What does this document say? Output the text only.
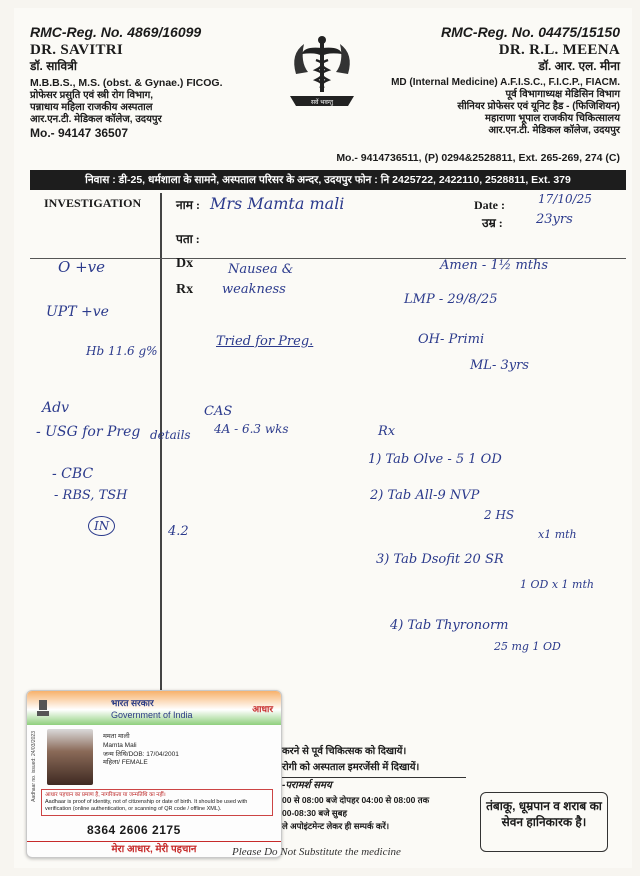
RMC-Reg. No. 4869/16099
DR. SAVITRI
डॉ. सावित्री
M.B.B.S., M.S. (obst. & Gynae.) FICOG.
प्रोफेसर प्रसुति एवं स्त्री रोग विभाग,
पन्नाधाय महिला राजकीय अस्पताल
आर.एन.टी. मेडिकल कॉलेज, उदयपुर
Mo.- 94147 36507
सर्वे भवन्तु
RMC-Reg. No. 04475/15150
DR. R.L. MEENA
डॉ. आर. एल. मीना
MD (Internal Medicine) A.F.I.S.C., F.I.C.P., FIACM.
पूर्व विभागाध्यक्ष मेडिसिन विभाग
सीनियर प्रोफेसर एवं यूनिट हैड - (फिजिशियन)
महाराणा भूपाल राजकीय चिकित्सालय
आर.एन.टी. मेडिकल कॉलेज, उदयपुर
Mo.- 9414736511, (P) 0294&2528811, Ext. 265-269, 274 (C)
निवास : डी-25, धर्मशाला के सामने, अस्पताल परिसर के अन्दर, उदयपुर फोन : नि 2425722, 2422110, 2528811, Ext. 379
INVESTIGATION	नाम :	Date :
उम्र :
पता :
Dx
Rx
Mrs Mamta mali	17/10/25
23yrs
O +ve
UPT +ve
Hb 11.6 g%
Adv
- USG for Preg
- CBC
- RBS, TSH
IN
CAS
details 4A - 6.3 wks
4.2
Nausea &
weakness
Amen - 1½ mths
LMP - 29/8/25
Tried for Preg.	OH- Primi
ML- 3yrs
Rx
1) Tab Olve - 5 1 OD
2) Tab All-9 NVP
2 HS
3) Tab Dsofit 20 SR
x1 mth
1 OD x 1 mth
4) Tab Thyronorm
25 mg 1 OD
भारत सरकार
Government of India
आधार
Aadhaar no. issued: 24/03/2023	ममता माली
Mamta Mali
जन्म तिथि/DOB: 17/04/2001
महिला/ FEMALE
आधार पहचान का प्रमाण है, नागरिकता या जन्मतिथि का नहीं।
Aadhaar is proof of identity, not of citizenship or date of birth. It should be used with verification (online authentication, or scanning of QR code / offline XML).
8364 2606 2175
मेरा आधार, मेरी पहचान
करने से पूर्व चिकित्सक को दिखायें।
रोगी को अस्पताल इमरजेंसी में दिखायें।
-परामर्श समय
00 से 08:00 बजे दोपहर 04:00 से 08:00 तक
00-08:30 बजे सुबह
ले अपोइंटमेन्ट लेकर ही सम्पर्क करें।
तंबाकू, धूम्रपान व शराब का सेवन हानिकारक है।
Please Do Not Substitute the medicine
